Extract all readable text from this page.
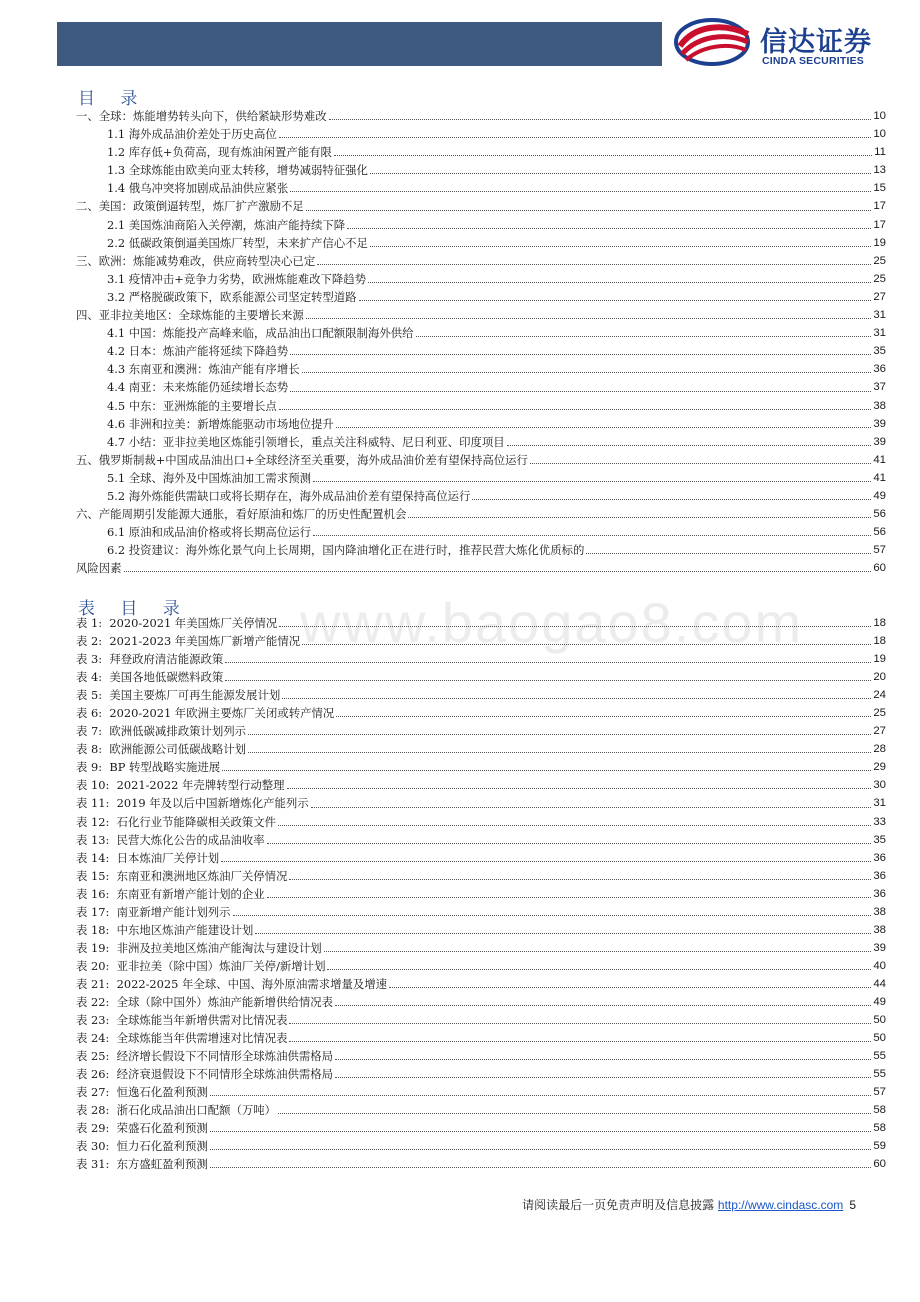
信达证券
CINDA SECURITIES
目 录
一、全球：炼能增势转头向下，供给紧缺形势难改	10
1.1 海外成品油价差处于历史高位	10
1.2 库存低+负荷高，现有炼油闲置产能有限	11
1.3 全球炼能由欧美向亚太转移，增势减弱特征强化	13
1.4 俄乌冲突将加剧成品油供应紧张	15
二、美国：政策倒逼转型，炼厂扩产激励不足	17
2.1 美国炼油商陷入关停潮，炼油产能持续下降	17
2.2 低碳政策倒逼美国炼厂转型，未来扩产信心不足	19
三、欧洲：炼能减势难改，供应商转型决心已定	25
3.1 疫情冲击+竞争力劣势，欧洲炼能难改下降趋势	25
3.2 严格脱碳政策下，欧系能源公司坚定转型道路	27
四、亚非拉美地区：全球炼能的主要增长来源	31
4.1 中国：炼能投产高峰来临，成品油出口配额限制海外供给	31
4.2 日本：炼油产能将延续下降趋势	35
4.3 东南亚和澳洲：炼油产能有序增长	36
4.4 南亚：未来炼能仍延续增长态势	37
4.5 中东：亚洲炼能的主要增长点	38
4.6 非洲和拉美：新增炼能驱动市场地位提升	39
4.7 小结：亚非拉美地区炼能引领增长，重点关注科威特、尼日利亚、印度项目	39
五、俄罗斯制裁+中国成品油出口+全球经济至关重要，海外成品油价差有望保持高位运行	41
5.1 全球、海外及中国炼油加工需求预测	41
5.2 海外炼能供需缺口或将长期存在，海外成品油价差有望保持高位运行	49
六、产能周期引发能源大通胀，看好原油和炼厂的历史性配置机会	56
6.1 原油和成品油价格或将长期高位运行	56
6.2 投资建议：海外炼化景气向上长周期，国内降油增化正在进行时，推荐民营大炼化优质标的	57
风险因素	60
表 目 录 www.baogao8.com
表 1: 2020-2021 年美国炼厂关停情况	18
表 2: 2021-2023 年美国炼厂新增产能情况	18
表 3: 拜登政府清洁能源政策	19
表 4: 美国各地低碳燃料政策	20
表 5: 美国主要炼厂可再生能源发展计划	24
表 6: 2020-2021 年欧洲主要炼厂关闭或转产情况	25
表 7: 欧洲低碳减排政策计划列示	27
表 8: 欧洲能源公司低碳战略计划	28
表 9: BP 转型战略实施进展	29
表 10: 2021-2022 年壳牌转型行动整理	30
表 11: 2019 年及以后中国新增炼化产能列示	31
表 12: 石化行业节能降碳相关政策文件	33
表 13: 民营大炼化公告的成品油收率	35
表 14: 日本炼油厂关停计划	36
表 15: 东南亚和澳洲地区炼油厂关停情况	36
表 16: 东南亚有新增产能计划的企业	36
表 17: 南亚新增产能计划列示	38
表 18: 中东地区炼油产能建设计划	38
表 19: 非洲及拉美地区炼油产能淘汰与建设计划	39
表 20: 亚非拉美（除中国）炼油厂关停/新增计划	40
表 21: 2022-2025 年全球、中国、海外原油需求增量及增速	44
表 22: 全球（除中国外）炼油产能新增供给情况表	49
表 23: 全球炼能当年新增供需对比情况表	50
表 24: 全球炼能当年供需增速对比情况表	50
表 25: 经济增长假设下不同情形全球炼油供需格局	55
表 26: 经济衰退假设下不同情形全球炼油供需格局	55
表 27: 恒逸石化盈利预测	57
表 28: 浙石化成品油出口配额（万吨）	58
表 29: 荣盛石化盈利预测	58
表 30: 恒力石化盈利预测	59
表 31: 东方盛虹盈利预测	60
请阅读最后一页免责声明及信息披露 http://www.cindasc.com 5
